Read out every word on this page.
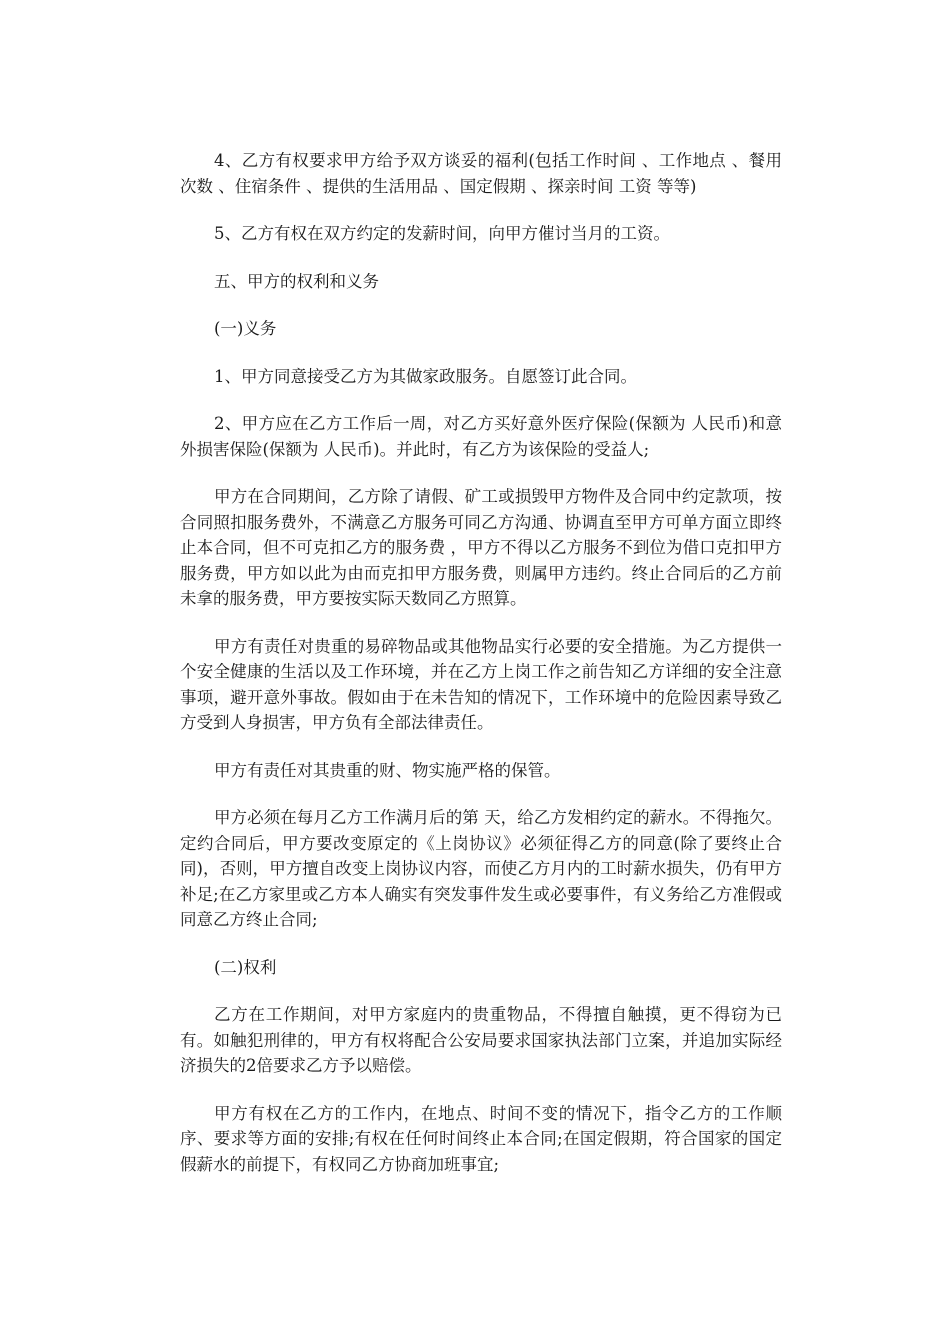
4、乙方有权要求甲方给予双方谈妥的福利(包括工作时间 、工作地点 、餐用次数 、住宿条件 、提供的生活用品 、国定假期 、探亲时间 工资 等等)

5、乙方有权在双方约定的发薪时间，向甲方催讨当月的工资。

五、甲方的权利和义务

(一)义务

1、甲方同意接受乙方为其做家政服务。自愿签订此合同。

2、甲方应在乙方工作后一周，对乙方买好意外医疗保险(保额为 人民币)和意外损害保险(保额为 人民币)。并此时，有乙方为该保险的受益人;

甲方在合同期间，乙方除了请假、矿工或损毁甲方物件及合同中约定款项，按合同照扣服务费外，不满意乙方服务可同乙方沟通、协调直至甲方可单方面立即终止本合同，但不可克扣乙方的服务费 ，甲方不得以乙方服务不到位为借口克扣甲方服务费，甲方如以此为由而克扣甲方服务费，则属甲方违约。终止合同后的乙方前未拿的服务费，甲方要按实际天数同乙方照算。

甲方有责任对贵重的易碎物品或其他物品实行必要的安全措施。为乙方提供一个安全健康的生活以及工作环境，并在乙方上岗工作之前告知乙方详细的安全注意事项，避开意外事故。假如由于在未告知的情况下，工作环境中的危险因素导致乙方受到人身损害，甲方负有全部法律责任。

甲方有责任对其贵重的财、物实施严格的保管。

甲方必须在每月乙方工作满月后的第 天，给乙方发相约定的薪水。不得拖欠。定约合同后，甲方要改变原定的《上岗协议》必须征得乙方的同意(除了要终止合同)，否则，甲方擅自改变上岗协议内容，而使乙方月内的工时薪水损失，仍有甲方补足;在乙方家里或乙方本人确实有突发事件发生或必要事件，有义务给乙方准假或同意乙方终止合同;

(二)权利

乙方在工作期间，对甲方家庭内的贵重物品，不得擅自触摸，更不得窃为已有。如触犯刑律的，甲方有权将配合公安局要求国家执法部门立案，并追加实际经济损失的2倍要求乙方予以赔偿。

甲方有权在乙方的工作内，在地点、时间不变的情况下，指令乙方的工作顺序、要求等方面的安排;有权在任何时间终止本合同;在国定假期，符合国家的国定假薪水的前提下，有权同乙方协商加班事宜;
